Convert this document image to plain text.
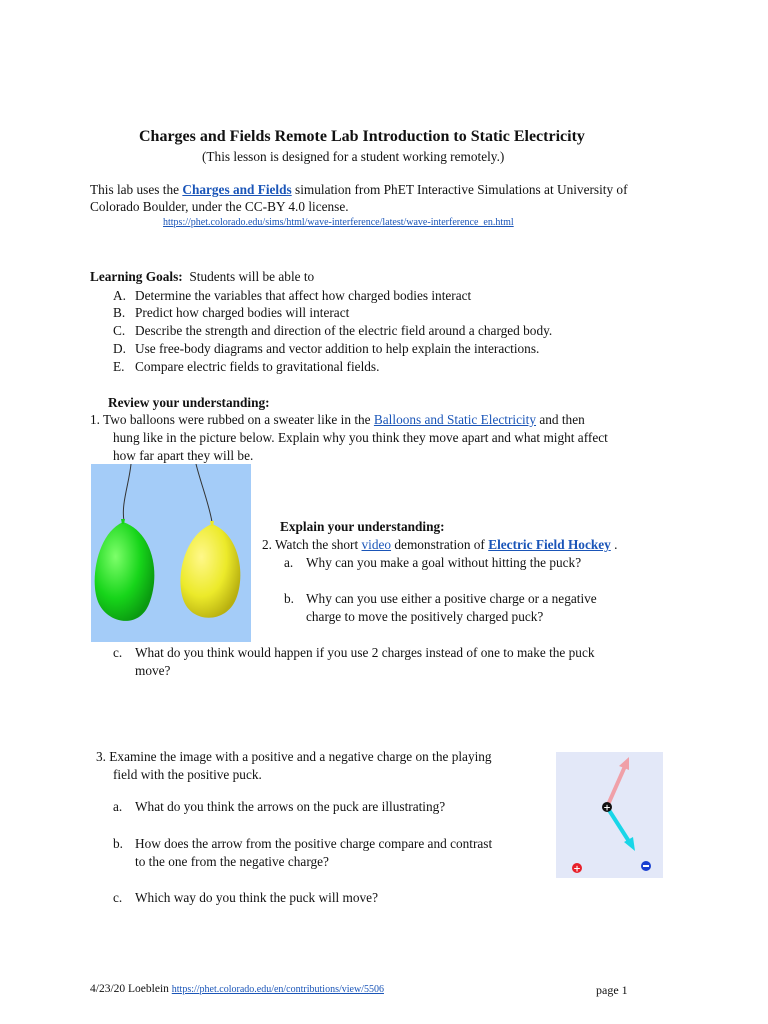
Charges and Fields Remote Lab Introduction to Static Electricity
(This lesson is designed for a student working remotely.)
This lab uses the Charges and Fields simulation from PhET Interactive Simulations at University of
Colorado Boulder, under the CC-BY 4.0 license.
https://phet.colorado.edu/sims/html/wave-interference/latest/wave-interference_en.html
Learning Goals: Students will be able to
A. Determine the variables that affect how charged bodies interact
B. Predict how charged bodies will interact
C. Describe the strength and direction of the electric field around a charged body.
D. Use free-body diagrams and vector addition to help explain the interactions.
E. Compare electric fields to gravitational fields.
Review your understanding:
1. Two balloons were rubbed on a sweater like in the Balloons and Static Electricity and then
hung like in the picture below. Explain why you think they move apart and what might affect
how far apart they will be.
Explain your understanding:
2. Watch the short video demonstration of Electric Field Hockey .
a. Why can you make a goal without hitting the puck?
b. Why can you use either a positive charge or a negative
charge to move the positively charged puck?
c. What do you think would happen if you use 2 charges instead of one to make the puck
move?
3. Examine the image with a positive and a negative charge on the playing
field with the positive puck.
a. What do you think the arrows on the puck are illustrating?
b. How does the arrow from the positive charge compare and contrast
to the one from the negative charge?
c. Which way do you think the puck will move?
+
+
4/23/20 Loeblein https://phet.colorado.edu/en/contributions/view/5506	page 1
